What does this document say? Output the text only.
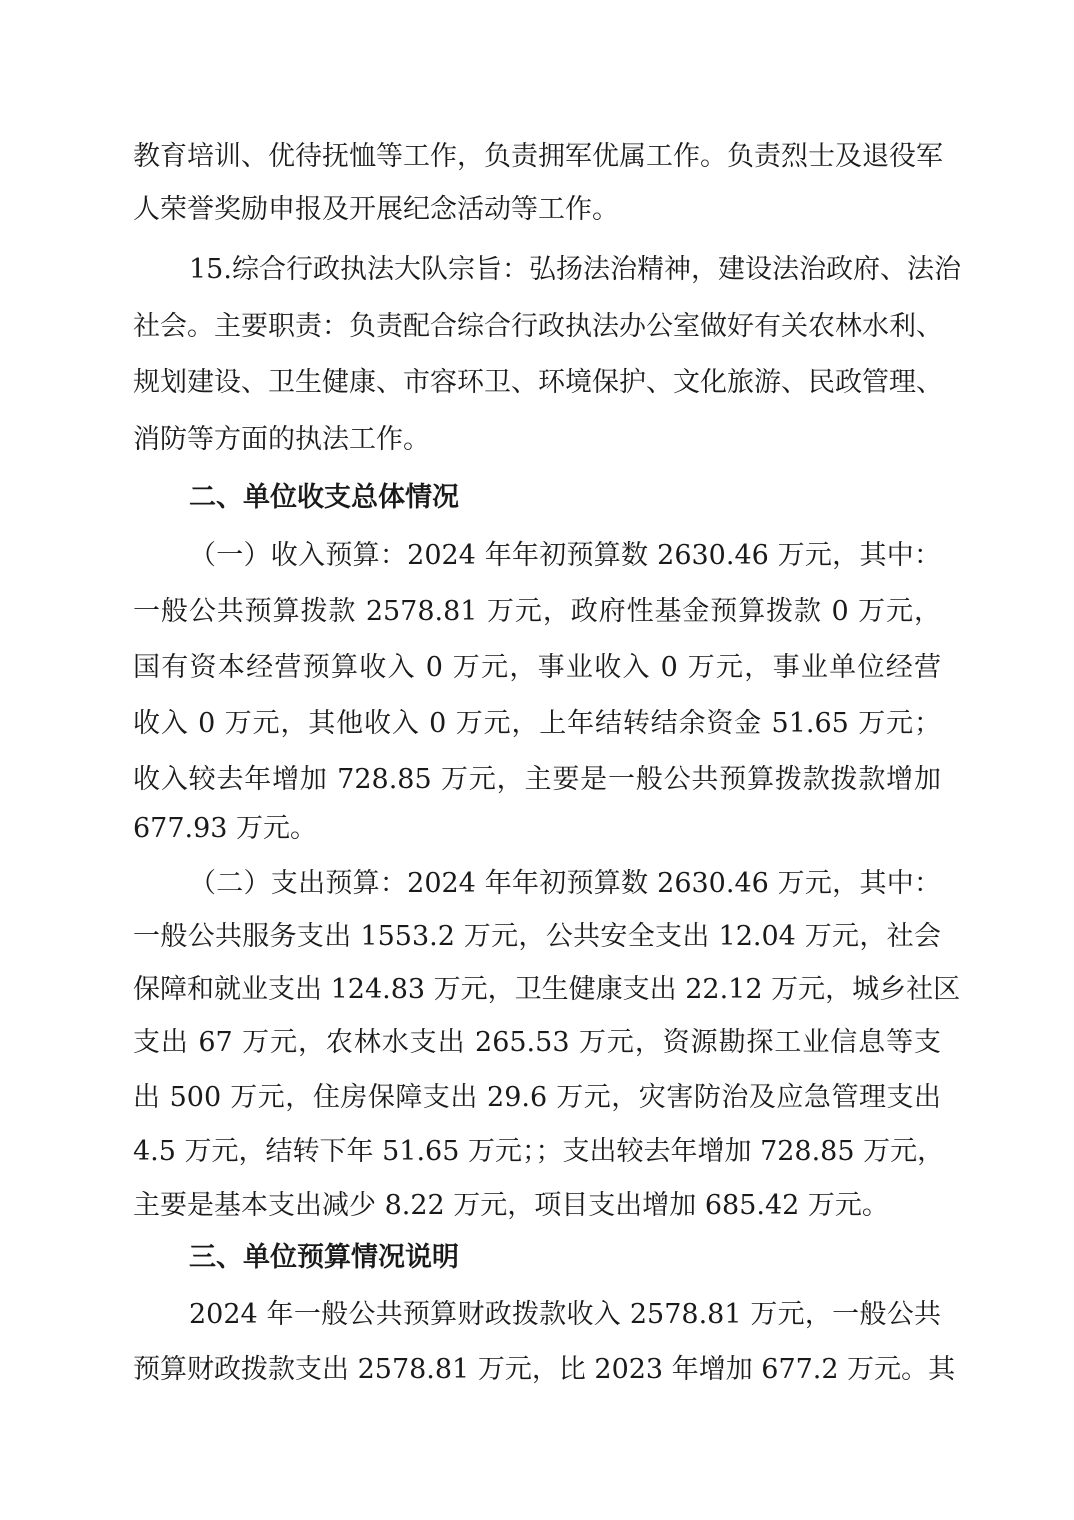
教育培训、优待抚恤等工作，负责拥军优属工作。负责烈士及退役军
人荣誉奖励申报及开展纪念活动等工作。
15.综合行政执法大队宗旨：弘扬法治精神，建设法治政府、法治
社会。主要职责：负责配合综合行政执法办公室做好有关农林水利、
规划建设、卫生健康、市容环卫、环境保护、文化旅游、民政管理、
消防等方面的执法工作。
二、单位收支总体情况
（一）收入预算：2024 年年初预算数 2630.46 万元，其中：
一般公共预算拨款 2578.81 万元，政府性基金预算拨款 0 万元，
国有资本经营预算收入 0 万元，事业收入 0 万元，事业单位经营
收入 0 万元，其他收入 0 万元，上年结转结余资金 51.65 万元；
收入较去年增加 728.85 万元，主要是一般公共预算拨款拨款增加
677.93 万元。
（二）支出预算：2024 年年初预算数 2630.46 万元，其中：
一般公共服务支出 1553.2 万元，公共安全支出 12.04 万元，社会
保障和就业支出 124.83 万元，卫生健康支出 22.12 万元，城乡社区
支出 67 万元，农林水支出 265.53 万元，资源勘探工业信息等支
出 500 万元，住房保障支出 29.6 万元，灾害防治及应急管理支出
4.5 万元，结转下年 51.65 万元；；支出较去年增加 728.85 万元，
主要是基本支出减少 8.22 万元，项目支出增加 685.42 万元。
三、单位预算情况说明
2024 年一般公共预算财政拨款收入 2578.81 万元，一般公共
预算财政拨款支出 2578.81 万元，比 2023 年增加 677.2 万元。其
